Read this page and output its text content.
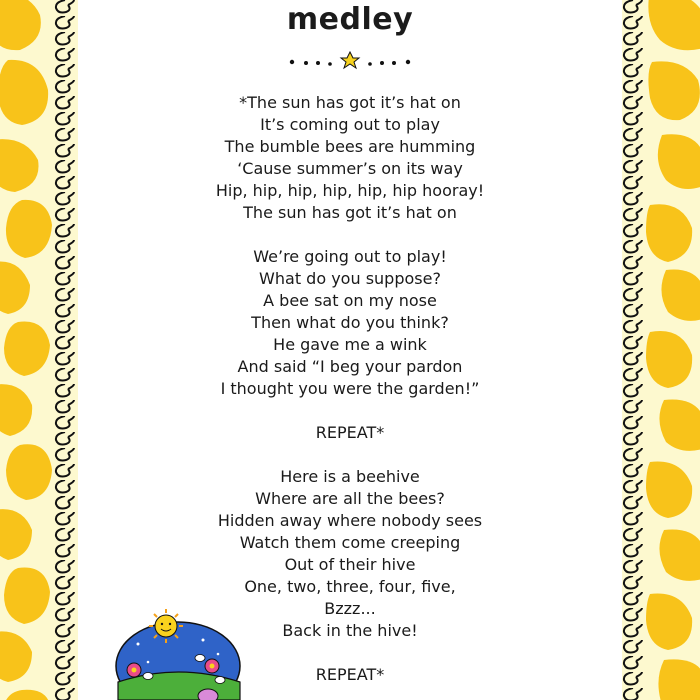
medley
*The sun has got it’s hat on
It’s coming out to play
The bumble bees are humming
‘Cause summer’s on its way
Hip, hip, hip, hip, hip, hip hooray!
The sun has got it’s hat on
We’re going out to play!
What do you suppose?
A bee sat on my nose
Then what do you think?
He gave me a wink
And said “I beg your pardon
I thought you were the garden!”
REPEAT*
Here is a beehive
Where are all the bees?
Hidden away where nobody sees
Watch them come creeping
Out of their hive
One, two, three, four, five,
Bzzz...
Back in the hive!
REPEAT*
